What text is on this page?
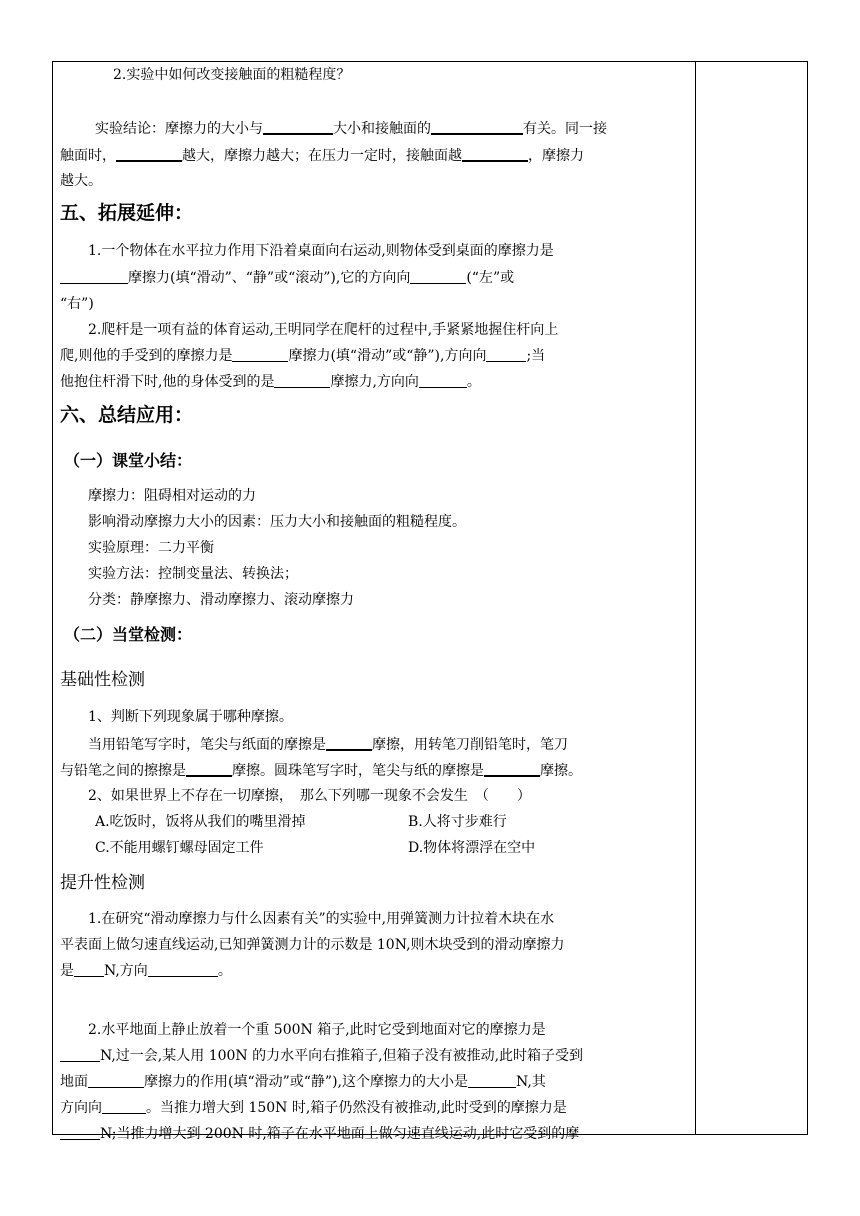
2.实验中如何改变接触面的粗糙程度？
实验结论：摩擦力的大小与	大小和接触面的	有关。同一接
触面时，	越大，摩擦力越大；在压力一定时，接触面越	，摩擦力
越大。
五、拓展延伸：
1.一个物体在水平拉力作用下沿着桌面向右运动,则物体受到桌面的摩擦力是
摩擦力(填“滑动”、“静”或“滚动”),它的方向向	(“左”或
“右”)
2.爬杆是一项有益的体育运动,王明同学在爬杆的过程中,手紧紧地握住杆向上
爬,则他的手受到的摩擦力是	摩擦力(填“滑动”或“静”),方向向	;当
他抱住杆滑下时,他的身体受到的是	摩擦力,方向向	。
六、总结应用：
（一）课堂小结：
摩擦力：阻碍相对运动的力
影响滑动摩擦力大小的因素：压力大小和接触面的粗糙程度。
实验原理：二力平衡
实验方法：控制变量法、转换法；
分类：静摩擦力、滑动摩擦力、滚动摩擦力
（二）当堂检测：
基础性检测
1、判断下列现象属于哪种摩擦。
当用铅笔写字时，笔尖与纸面的摩擦是	摩擦，用转笔刀削铅笔时，笔刀
与铅笔之间的擦擦是	摩擦。圆珠笔写字时，笔尖与纸的摩擦是	摩擦。
2、如果世界上不存在一切摩擦，　那么下列哪一现象不会发生　（　　）
A.吃饭时，饭将从我们的嘴里滑掉	B.人将寸步难行
C.不能用螺钉螺母固定工件	D.物体将漂浮在空中
提升性检测
1.在研究“滑动摩擦力与什么因素有关”的实验中,用弹簧测力计拉着木块在水
平表面上做匀速直线运动,已知弹簧测力计的示数是 10N,则木块受到的滑动摩擦力
是 N,方向	。
2.水平地面上静止放着一个重 500N 箱子,此时它受到地面对它的摩擦力是
N,过一会,某人用 100N 的力水平向右推箱子,但箱子没有被推动,此时箱子受到
地面	摩擦力的作用(填“滑动”或“静”),这个摩擦力的大小是	N,其
方向向	。当推力增大到 150N 时,箱子仍然没有被推动,此时受到的摩擦力是
N;当推力增大到 200N 时,箱子在水平地面上做匀速直线运动,此时它受到的摩
